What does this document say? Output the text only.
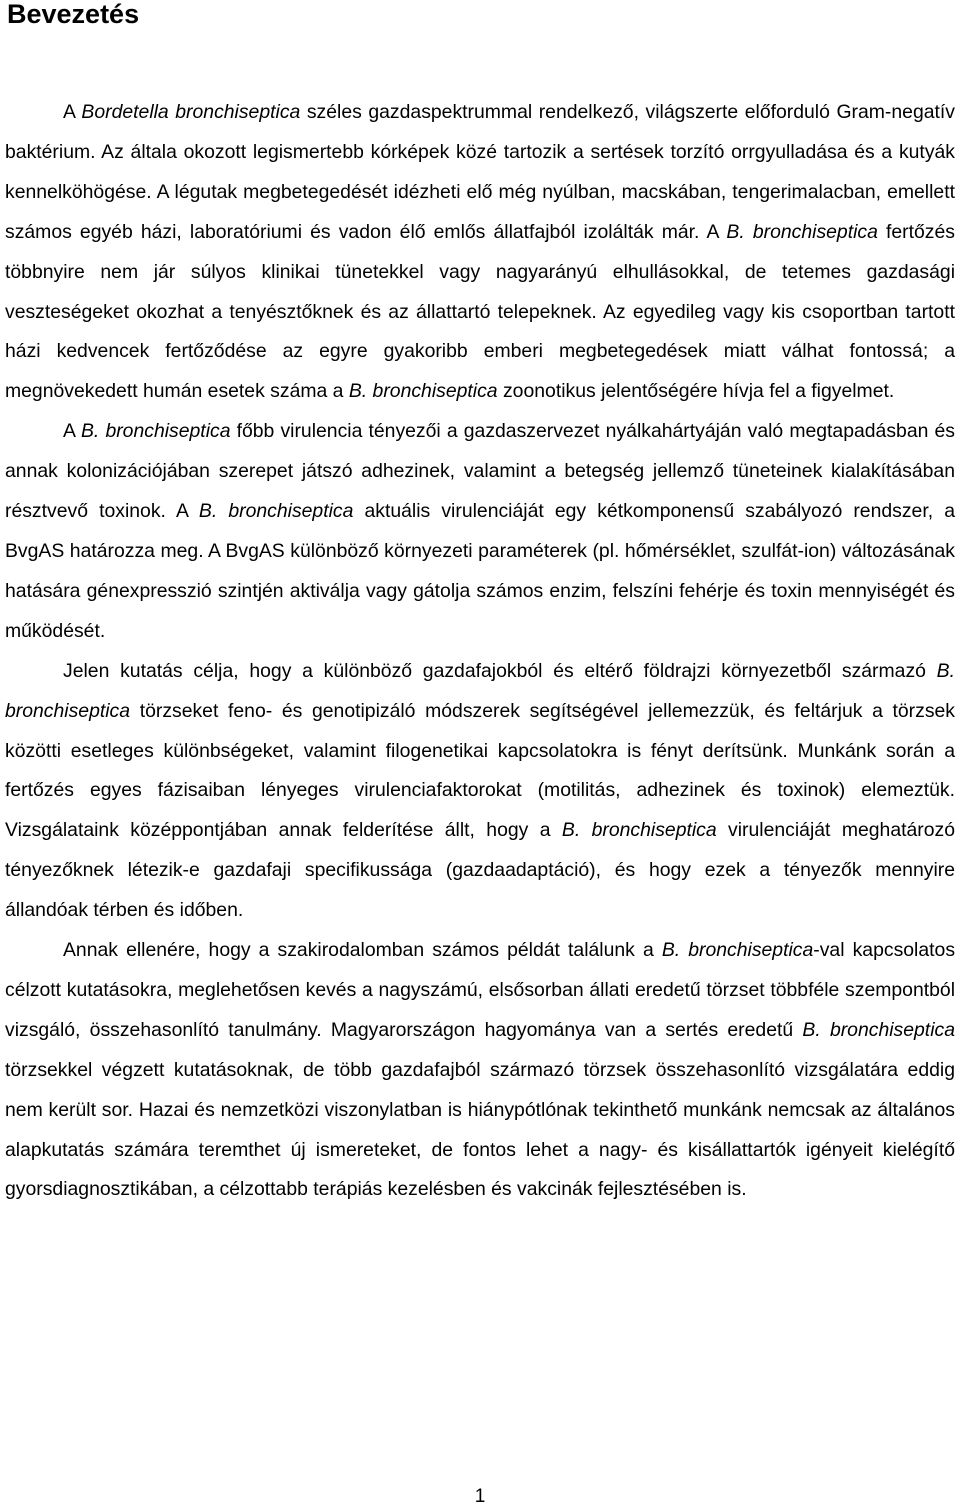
Bevezetés

A Bordetella bronchiseptica széles gazdaspektrummal rendelkező, világszerte előforduló Gram-negatív baktérium. Az általa okozott legismertebb kórképek közé tartozik a sertések torzító orrgyulladása és a kutyák kennelköhögése. A légutak megbetegedését idézheti elő még nyúlban, macskában, tengerimalacban, emellett számos egyéb házi, laboratóriumi és vadon élő emlős állatfajból izolálták már. A B. bronchiseptica fertőzés többnyire nem jár súlyos klinikai tünetekkel vagy nagyarányú elhullásokkal, de tetemes gazdasági veszteségeket okozhat a tenyésztőknek és az állattartó telepeknek. Az egyedileg vagy kis csoportban tartott házi kedvencek fertőződése az egyre gyakoribb emberi megbetegedések miatt válhat fontossá; a megnövekedett humán esetek száma a B. bronchiseptica zoonotikus jelentőségére hívja fel a figyelmet.

A B. bronchiseptica főbb virulencia tényezői a gazdaszervezet nyálkahártyáján való megtapadásban és annak kolonizációjában szerepet játszó adhezinek, valamint a betegség jellemző tüneteinek kialakításában résztvevő toxinok. A B. bronchiseptica aktuális virulenciáját egy kétkomponensű szabályozó rendszer, a BvgAS határozza meg. A BvgAS különböző környezeti paraméterek (pl. hőmérséklet, szulfát-ion) változásának hatására génexpresszió szintjén aktiválja vagy gátolja számos enzim, felszíni fehérje és toxin mennyiségét és működését.

Jelen kutatás célja, hogy a különböző gazdafajokból és eltérő földrajzi környezetből származó B. bronchiseptica törzseket feno- és genotipizáló módszerek segítségével jellemezzük, és feltárjuk a törzsek közötti esetleges különbségeket, valamint filogenetikai kapcsolatokra is fényt derítsünk. Munkánk során a fertőzés egyes fázisaiban lényeges virulenciafaktorokat (motilitás, adhezinek és toxinok) elemeztük. Vizsgálataink középpontjában annak felderítése állt, hogy a B. bronchiseptica virulenciáját meghatározó tényezőknek létezik-e gazdafaji specifikussága (gazdaadaptáció), és hogy ezek a tényezők mennyire állandóak térben és időben.

Annak ellenére, hogy a szakirodalomban számos példát találunk a B. bronchiseptica-val kapcsolatos célzott kutatásokra, meglehetősen kevés a nagyszámú, elsősorban állati eredetű törzset többféle szempontból vizsgáló, összehasonlító tanulmány. Magyarországon hagyománya van a sertés eredetű B. bronchiseptica törzsekkel végzett kutatásoknak, de több gazdafajból származó törzsek összehasonlító vizsgálatára eddig nem került sor. Hazai és nemzetközi viszonylatban is hiánypótlónak tekinthető munkánk nemcsak az általános alapkutatás számára teremthet új ismereteket, de fontos lehet a nagy- és kisállattartók igényeit kielégítő gyorsdiagnosztikában, a célzottabb terápiás kezelésben és vakcinák fejlesztésében is.

1
